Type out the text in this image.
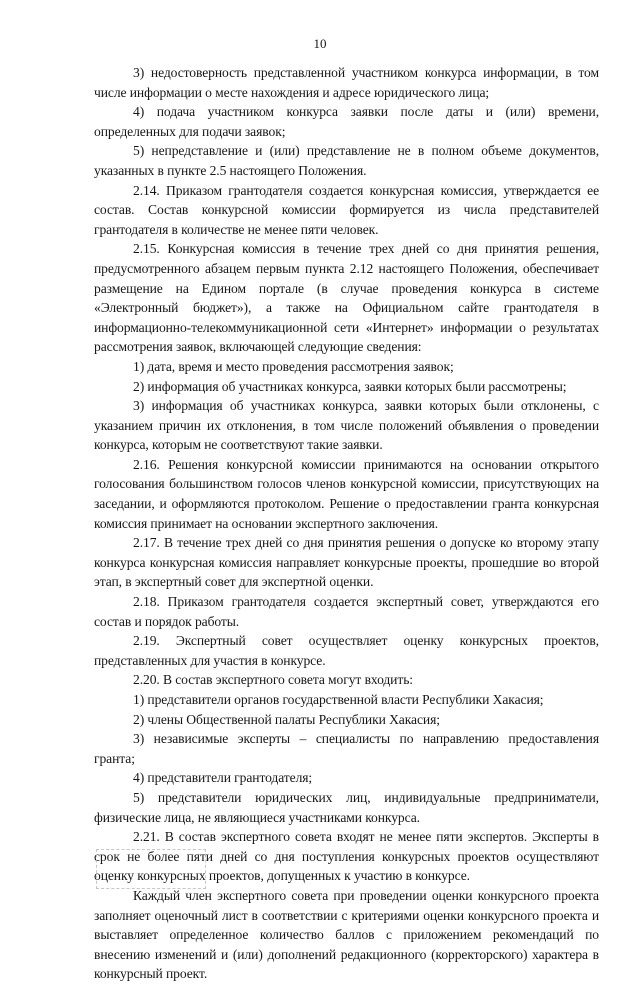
10

3) недостоверность представленной участником конкурса информации, в том числе информации о месте нахождения и адресе юридического лица;

4) подача участником конкурса заявки после даты и (или) времени, определенных для подачи заявок;

5) непредставление и (или) представление не в полном объеме документов, указанных в пункте 2.5 настоящего Положения.

2.14. Приказом грантодателя создается конкурсная комиссия, утверждается ее состав. Состав конкурсной комиссии формируется из числа представителей грантодателя в количестве не менее пяти человек.

2.15. Конкурсная комиссия в течение трех дней со дня принятия решения, предусмотренного абзацем первым пункта 2.12 настоящего Положения, обеспечивает размещение на Едином портале (в случае проведения конкурса в системе «Электронный бюджет»), а также на Официальном сайте грантодателя в информационно-телекоммуникационной сети «Интернет» информации о результатах рассмотрения заявок, включающей следующие сведения:

1) дата, время и место проведения рассмотрения заявок;

2) информация об участниках конкурса, заявки которых были рассмотрены;

3) информация об участниках конкурса, заявки которых были отклонены, с указанием причин их отклонения, в том числе положений объявления о проведении конкурса, которым не соответствуют такие заявки.

2.16. Решения конкурсной комиссии принимаются на основании открытого голосования большинством голосов членов конкурсной комиссии, присутствующих на заседании, и оформляются протоколом. Решение о предоставлении гранта конкурсная комиссия принимает на основании экспертного заключения.

2.17. В течение трех дней со дня принятия решения о допуске ко второму этапу конкурса конкурсная комиссия направляет конкурсные проекты, прошедшие во второй этап, в экспертный совет для экспертной оценки.

2.18. Приказом грантодателя создается экспертный совет, утверждаются его состав и порядок работы.

2.19. Экспертный совет осуществляет оценку конкурсных проектов, представленных для участия в конкурсе.

2.20. В состав экспертного совета могут входить:

1) представители органов государственной власти Республики Хакасия;

2) члены Общественной палаты Республики Хакасия;

3) независимые эксперты – специалисты по направлению предоставления гранта;

4) представители грантодателя;

5) представители юридических лиц, индивидуальные предприниматели, физические лица, не являющиеся участниками конкурса.

2.21. В состав экспертного совета входят не менее пяти экспертов. Эксперты в срок не более пяти дней со дня поступления конкурсных проектов осуществляют оценку конкурсных проектов, допущенных к участию в конкурсе.

Каждый член экспертного совета при проведении оценки конкурсного проекта заполняет оценочный лист в соответствии с критериями оценки конкурсного проекта и выставляет определенное количество баллов с приложением рекомендаций по внесению изменений и (или) дополнений редакционного (корректорского) характера в конкурсный проект.
